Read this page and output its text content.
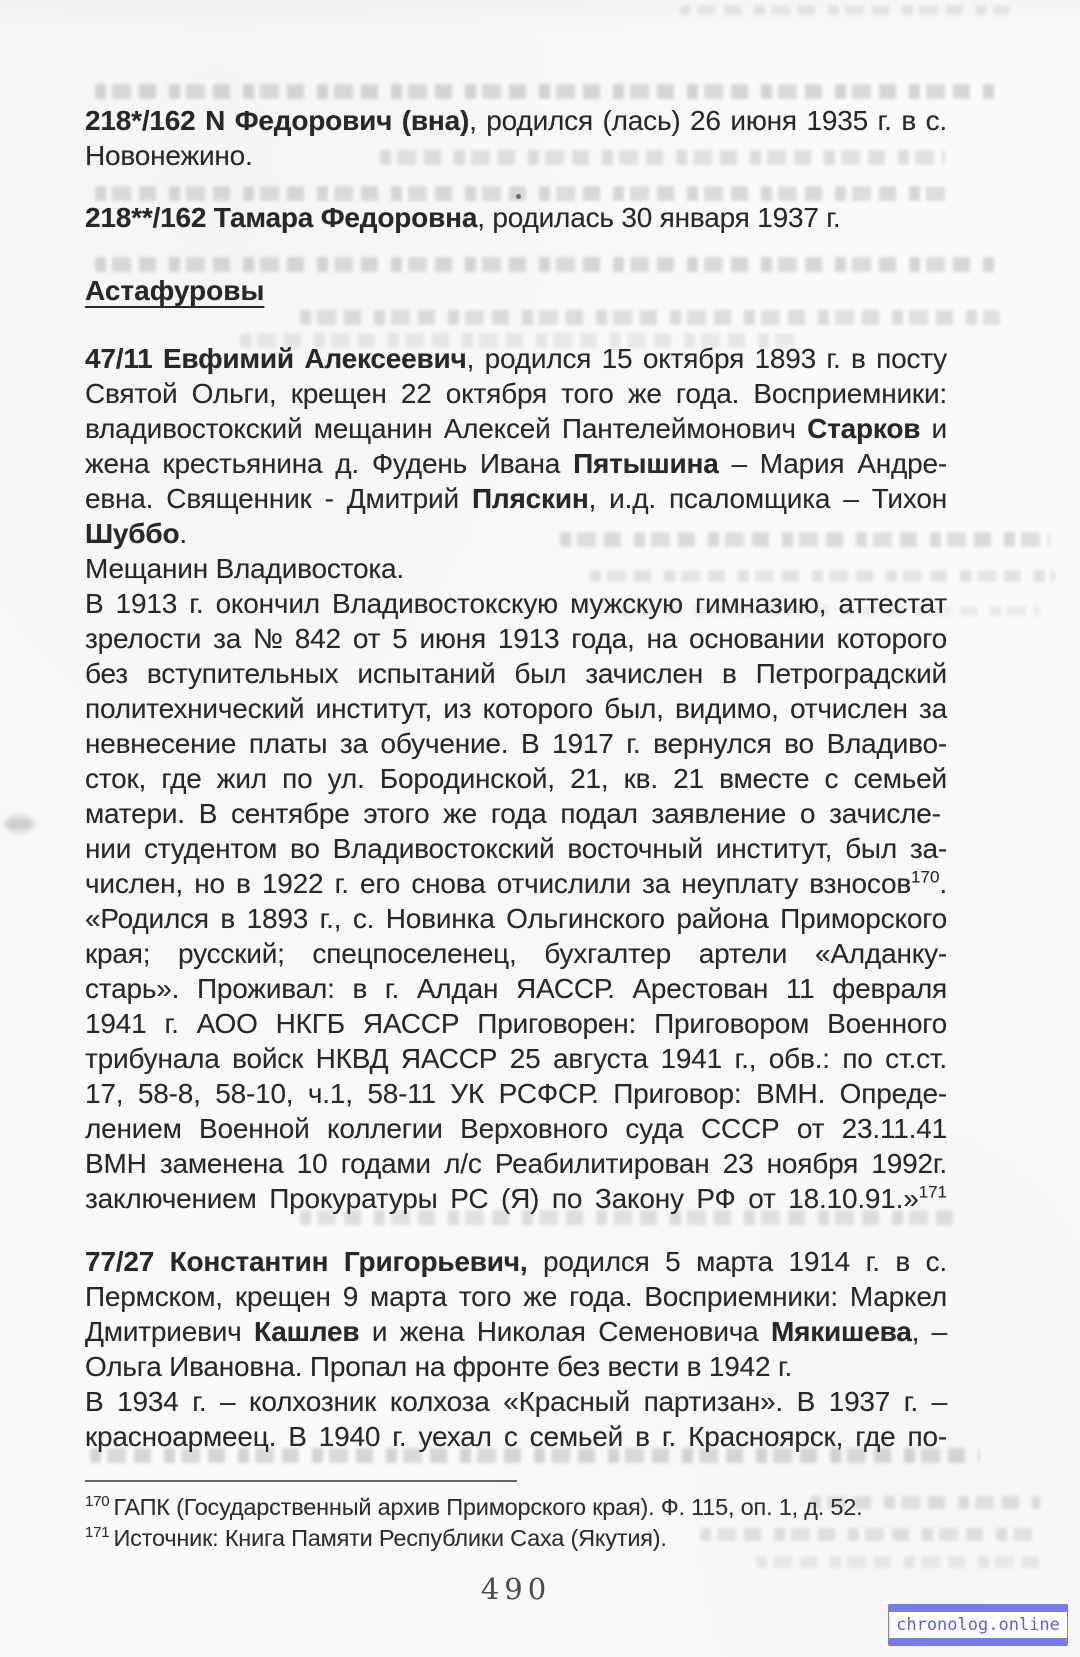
218*/162 N Федорович (вна), родился (лась) 26 июня 1935 г. в с.
Новонежино.
218**/162 Тамара Федоровна, родилась 30 января 1937 г.
Астафуровы
47/11 Евфимий Алексеевич, родился 15 октября 1893 г. в посту
Святой Ольги, крещен 22 октября того же года. Восприемники:
владивостокский мещанин Алексей Пантелеймонович Старков и
жена крестьянина д. Фудень Ивана Пятышина – Мария Андре-
евна. Священник - Дмитрий Пляскин, и.д. псаломщика – Тихон
Шуббо.
Мещанин Владивостока.
В 1913 г. окончил Владивостокскую мужскую гимназию, аттестат
зрелости за № 842 от 5 июня 1913 года, на основании которого
без вступительных испытаний был зачислен в Петроградский
политехнический институт, из которого был, видимо, отчислен за
невнесение платы за обучение. В 1917 г. вернулся во Владиво-
сток, где жил по ул. Бородинской, 21, кв. 21 вместе с семьей
матери. В сентябре этого же года подал заявление о зачисле-
нии студентом во Владивостокский восточный институт, был за-
числен, но в 1922 г. его снова отчислили за неуплату взносов$^{170}$.
«Родился в 1893 г., с. Новинка Ольгинского района Приморского
края; русский; спецпоселенец, бухгалтер артели «Алданку-
старь». Проживал: в г. Алдан ЯАССР. Арестован 11 февраля
1941 г. АОО НКГБ ЯАССР Приговорен: Приговором Военного
трибунала войск НКВД ЯАССР 25 августа 1941 г., обв.: по ст.ст.
17, 58-8, 58-10, ч.1, 58-11 УК РСФСР. Приговор: ВМН. Опреде-
лением Военной коллегии Верховного суда СССР от 23.11.41
ВМН заменена 10 годами л/с Реабилитирован 23 ноября 1992г.
заключением Прокуратуры РС (Я) по Закону РФ от 18.10.91.»$^{171}$
77/27 Константин Григорьевич, родился 5 марта 1914 г. в с.
Пермском, крещен 9 марта того же года. Восприемники: Маркел
Дмитриевич Кашлев и жена Николая Семеновича Мякишева, –
Ольга Ивановна. Пропал на фронте без вести в 1942 г.
В 1934 г. – колхозник колхоза «Красный партизан». В 1937 г. –
красноармеец. В 1940 г. уехал с семьей в г. Красноярск, где по-
$^{170}$ ГАПК (Государственный архив Приморского края). Ф. 115, оп. 1, д. 52.
$^{171}$ Источник: Книга Памяти Республики Саха (Якутия).
490
chronolog.online
